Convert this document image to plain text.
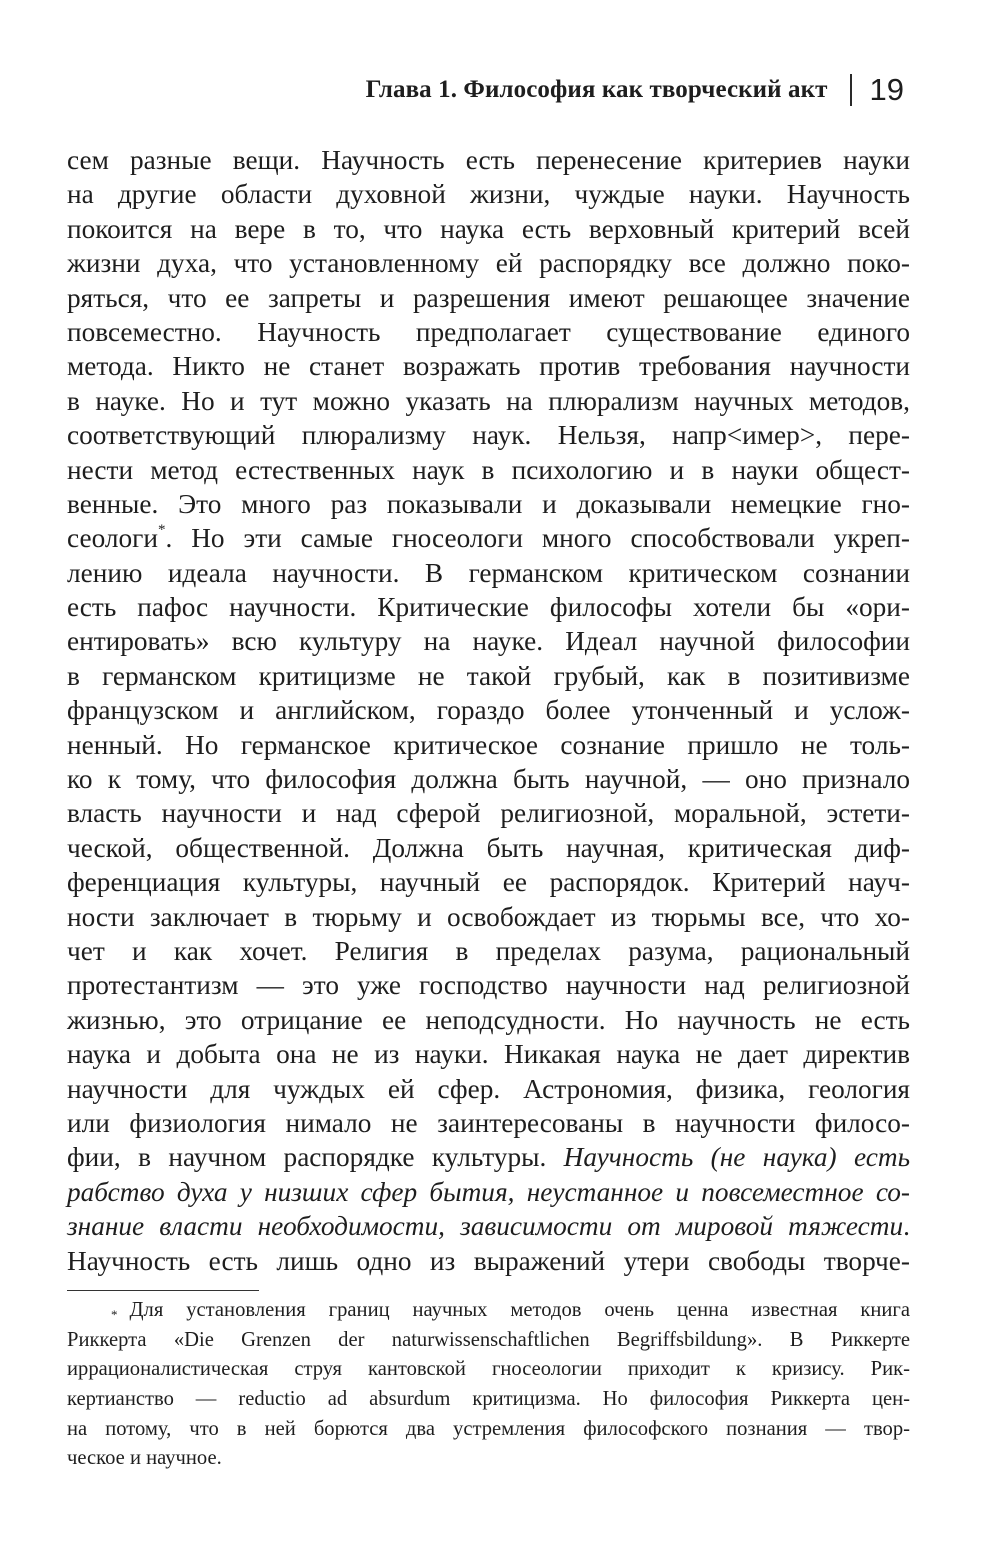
Глава 1. Философия как творческий акт 19
сем разные вещи. Научность есть перенесение критериев науки
на другие области духовной жизни, чуждые науки. Научность
покоится на вере в то, что наука есть верховный критерий всей
жизни духа, что установленному ей распорядку все должно поко-
ряться, что ее запреты и разрешения имеют решающее значение
повсеместно. Научность предполагает существование единого
метода. Никто не станет возражать против требования научности
в науке. Но и тут можно указать на плюрализм научных методов,
соответствующий плюрализму наук. Нельзя, напр<имер>, пере-
нести метод естественных наук в психологию и в науки общест-
венные. Это много раз показывали и доказывали немецкие гно-
сеологи*. Но эти самые гносеологи много способствовали укреп-
лению идеала научности. В германском критическом сознании
есть пафос научности. Критические философы хотели бы «ори-
ентировать» всю культуру на науке. Идеал научной философии
в германском критицизме не такой грубый, как в позитивизме
французском и английском, гораздо более утонченный и услож-
ненный. Но германское критическое сознание пришло не толь-
ко к тому, что философия должна быть научной, — оно признало
власть научности и над сферой религиозной, моральной, эстети-
ческой, общественной. Должна быть научная, критическая диф-
ференциация культуры, научный ее распорядок. Критерий науч-
ности заключает в тюрьму и освобождает из тюрьмы все, что хо-
чет и как хочет. Религия в пределах разума, рациональный
протестантизм — это уже господство научности над религиозной
жизнью, это отрицание ее неподсудности. Но научность не есть
наука и добыта она не из науки. Никакая наука не дает директив
научности для чуждых ей сфер. Астрономия, физика, геология
или физиология нимало не заинтересованы в научности филосо-
фии, в научном распорядке культуры. Научность (не наука) есть
рабство духа у низших сфер бытия, неустанное и повсеместное со-
знание власти необходимости, зависимости от мировой тяжести.
Научность есть лишь одно из выражений утери свободы творче-
* Для установления границ научных методов очень ценна известная книга
Риккерта «Die Grenzen der naturwissenschaftlichen Begriffsbildung». В Риккерте
иррационалистическая струя кантовской гносеологии приходит к кризису. Рик-
кертианство — reductio ad absurdum критицизма. Но философия Риккерта цен-
на потому, что в ней борются два устремления философского познания — твор-
ческое и научное.
